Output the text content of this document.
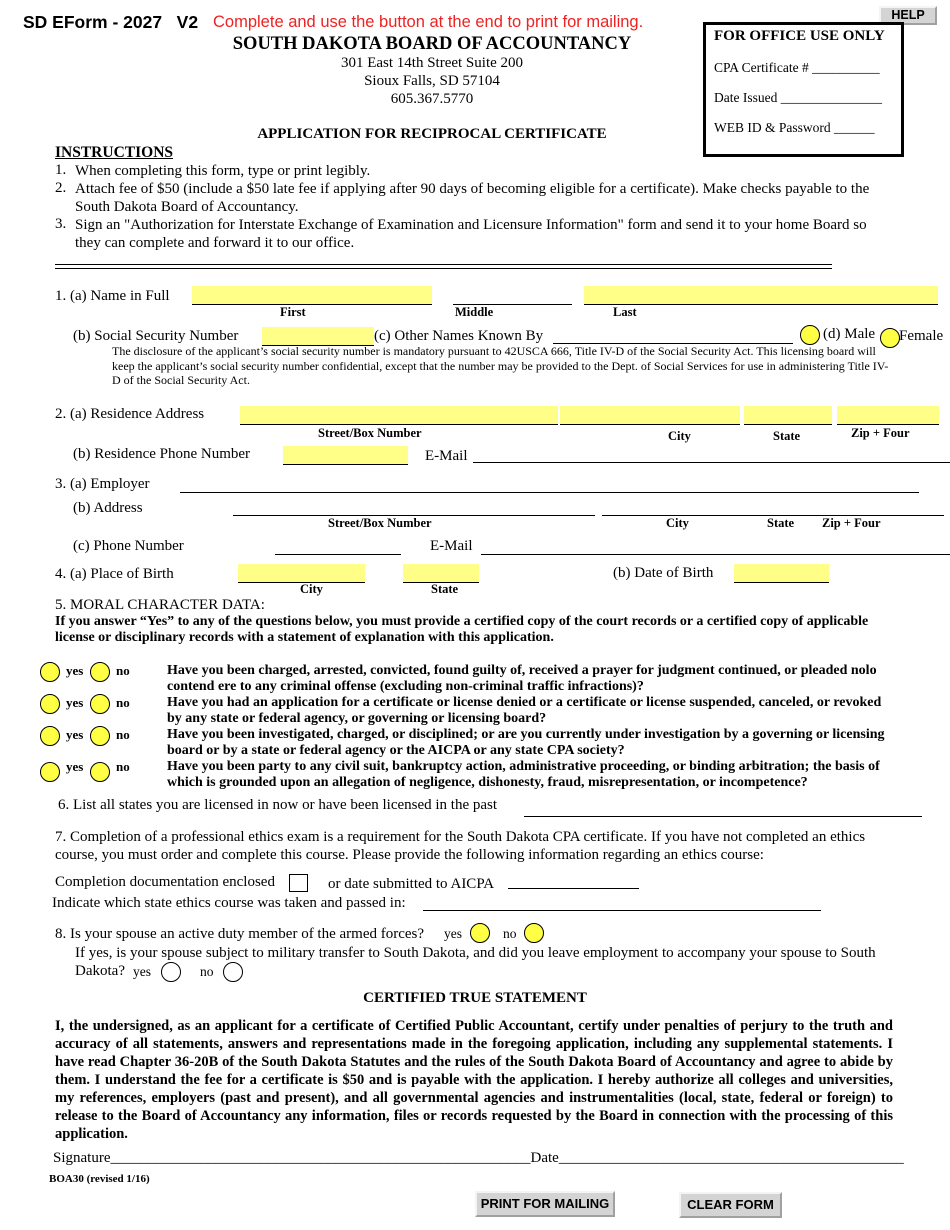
SD EForm - 2027 V2 Complete and use the button at the end to print for mailing.	HELP
SOUTH DAKOTA BOARD OF ACCOUNTANCY
301 East 14th Street Suite 200
Sioux Falls, SD 57104
605.367.5770
APPLICATION FOR RECIPROCAL CERTIFICATE
FOR OFFICE USE ONLY
CPA Certificate # __________
Date Issued _______________
WEB ID & Password ______
INSTRUCTIONS
1. When completing this form, type or print legibly.
2. Attach fee of $50 (include a $50 late fee if applying after 90 days of becoming eligible for a certificate). Make checks payable to the South Dakota Board of Accountancy.
3. Sign an "Authorization for Interstate Exchange of Examination and Licensure Information" form and send it to your home Board so they can complete and forward it to our office.
1. (a) Name in Full
First	Middle	Last
(b) Social Security Number	(c) Other Names Known By	(d) Male Female
The disclosure of the applicant’s social security number is mandatory pursuant to 42USCA 666, Title IV-D of the Social Security Act. This licensing board will keep the applicant’s social security number confidential, except that the number may be provided to the Dept. of Social Services for use in administering Title IV-D of the Social Security Act.
2. (a) Residence Address
Street/Box Number	City	State	Zip + Four
(b) Residence Phone Number	E-Mail
3. (a) Employer
(b) Address
Street/Box Number	City	State Zip + Four
(c) Phone Number	E-Mail
4. (a) Place of Birth
City	State
(b) Date of Birth
5. MORAL CHARACTER DATA:
If you answer “Yes” to any of the questions below, you must provide a certified copy of the court records or a certified copy of applicable license or disciplinary records with a statement of explanation with this application.
yes	no	Have you been charged, arrested, convicted, found guilty of, received a prayer for judgment continued, or pleaded nolo contend ere to any criminal offense (excluding non-criminal traffic infractions)?
yes	no	Have you had an application for a certificate or license denied or a certificate or license suspended, canceled, or revoked by any state or federal agency, or governing or licensing board?
yes	no	Have you been investigated, charged, or disciplined; or are you currently under investigation by a governing or licensing board or by a state or federal agency or the AICPA or any state CPA society?
yes	no	Have you been party to any civil suit, bankruptcy action, administrative proceeding, or binding arbitration; the basis of which is grounded upon an allegation of negligence, dishonesty, fraud, misrepresentation, or incompetence?
6. List all states you are licensed in now or have been licensed in the past
7. Completion of a professional ethics exam is a requirement for the South Dakota CPA certificate. If you have not completed an ethics course, you must order and complete this course. Please provide the following information regarding an ethics course:
Completion documentation enclosed	or date submitted to AICPA
Indicate which state ethics course was taken and passed in:
8. Is your spouse an active duty member of the armed forces? yes	no
If yes, is your spouse subject to military transfer to South Dakota, and did you leave employment to accompany your spouse to South
Dakota? yes	no
CERTIFIED TRUE STATEMENT
I, the undersigned, as an applicant for a certificate of Certified Public Accountant, certify under penalties of perjury to the truth and accuracy of all statements, answers and representations made in the foregoing application, including any supplemental statements. I have read Chapter 36-20B of the South Dakota Statutes and the rules of the South Dakota Board of Accountancy and agree to abide by them. I understand the fee for a certificate is $50 and is payable with the application. I hereby authorize all colleges and universities, my references, employers (past and present), and all governmental agencies and instrumentalities (local, state, federal or foreign) to release to the Board of Accountancy any information, files or records requested by the Board in connection with the processing of this application.
Signature________________________________________________________Date______________________________________________
BOA30 (revised 1/16)
PRINT FOR MAILING	CLEAR FORM
